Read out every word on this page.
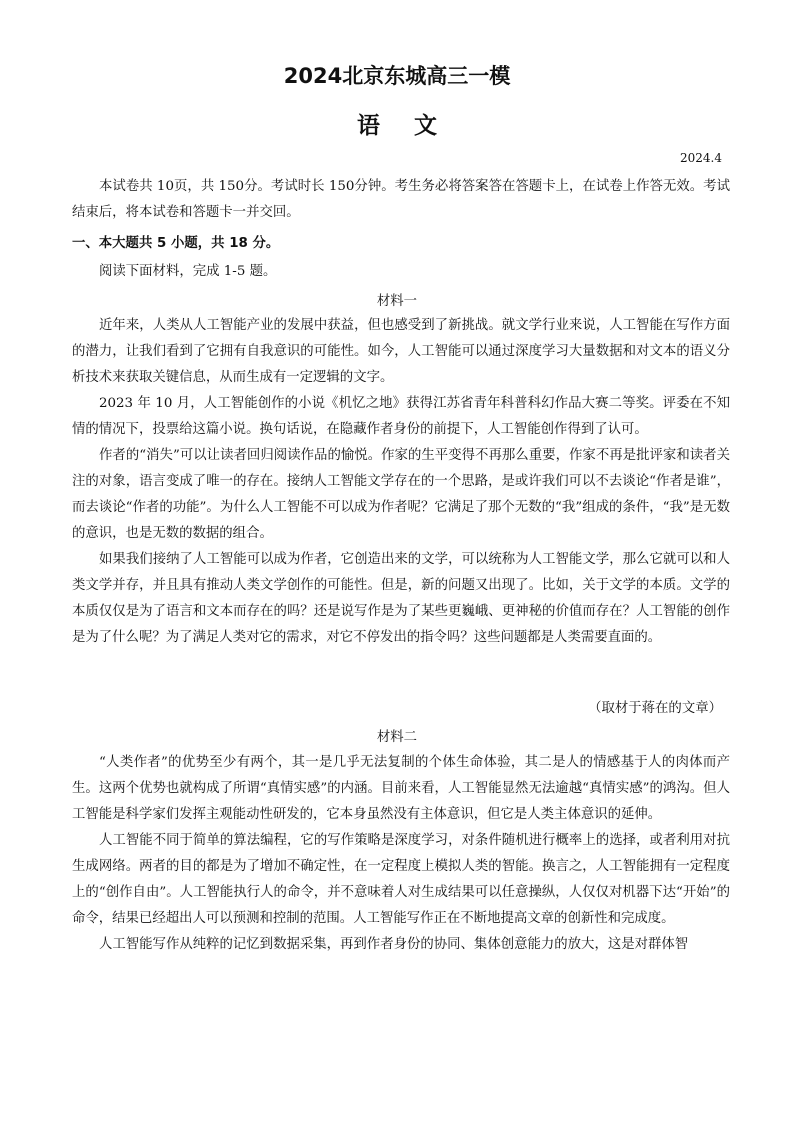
2024北京东城高三一模
语文
2024.4

本试卷共 10页，共 150分。考试时长 150分钟。考生务必将答案答在答题卡上，在试卷上作答无效。考试结束后，将本试卷和答题卡一并交回。

一、本大题共 5 小题，共 18 分。
阅读下面材料，完成 1-5 题。
材料一

近年来，人类从人工智能产业的发展中获益，但也感受到了新挑战。就文学行业来说，人工智能在写作方面的潜力，让我们看到了它拥有自我意识的可能性。如今，人工智能可以通过深度学习大量数据和对文本的语义分析技术来获取关键信息，从而生成有一定逻辑的文字。

2023 年 10 月，人工智能创作的小说《机忆之地》获得江苏省青年科普科幻作品大赛二等奖。评委在不知情的情况下，投票给这篇小说。换句话说，在隐藏作者身份的前提下，人工智能创作得到了认可。

作者的“消失”可以让读者回归阅读作品的愉悦。作家的生平变得不再那么重要，作家不再是批评家和读者关注的对象，语言变成了唯一的存在。接纳人工智能文学存在的一个思路，是或许我们可以不去谈论“作者是谁”，而去谈论“作者的功能”。为什么人工智能不可以成为作者呢？它满足了那个无数的“我”组成的条件，“我”是无数的意识，也是无数的数据的组合。

如果我们接纳了人工智能可以成为作者，它创造出来的文学，可以统称为人工智能文学，那么它就可以和人类文学并存，并且具有推动人类文学创作的可能性。但是，新的问题又出现了。比如，关于文学的本质。文学的本质仅仅是为了语言和文本而存在的吗？还是说写作是为了某些更巍峨、更神秘的价值而存在？人工智能的创作是为了什么呢？为了满足人类对它的需求，对它不停发出的指令吗？这些问题都是人类需要直面的。

（取材于蒋在的文章）
材料二

“人类作者”的优势至少有两个，其一是几乎无法复制的个体生命体验，其二是人的情感基于人的肉体而产生。这两个优势也就构成了所谓“真情实感”的内涵。目前来看，人工智能显然无法逾越“真情实感”的鸿沟。但人工智能是科学家们发挥主观能动性研发的，它本身虽然没有主体意识，但它是人类主体意识的延伸。

人工智能不同于简单的算法编程，它的写作策略是深度学习，对条件随机进行概率上的选择，或者利用对抗生成网络。两者的目的都是为了增加不确定性，在一定程度上模拟人类的智能。换言之，人工智能拥有一定程度上的“创作自由”。人工智能执行人的命令，并不意味着人对生成结果可以任意操纵，人仅仅对机器下达“开始”的命令，结果已经超出人可以预测和控制的范围。人工智能写作正在不断地提高文章的创新性和完成度。

人工智能写作从纯粹的记忆到数据采集，再到作者身份的协同、集体创意能力的放大，这是对群体智
